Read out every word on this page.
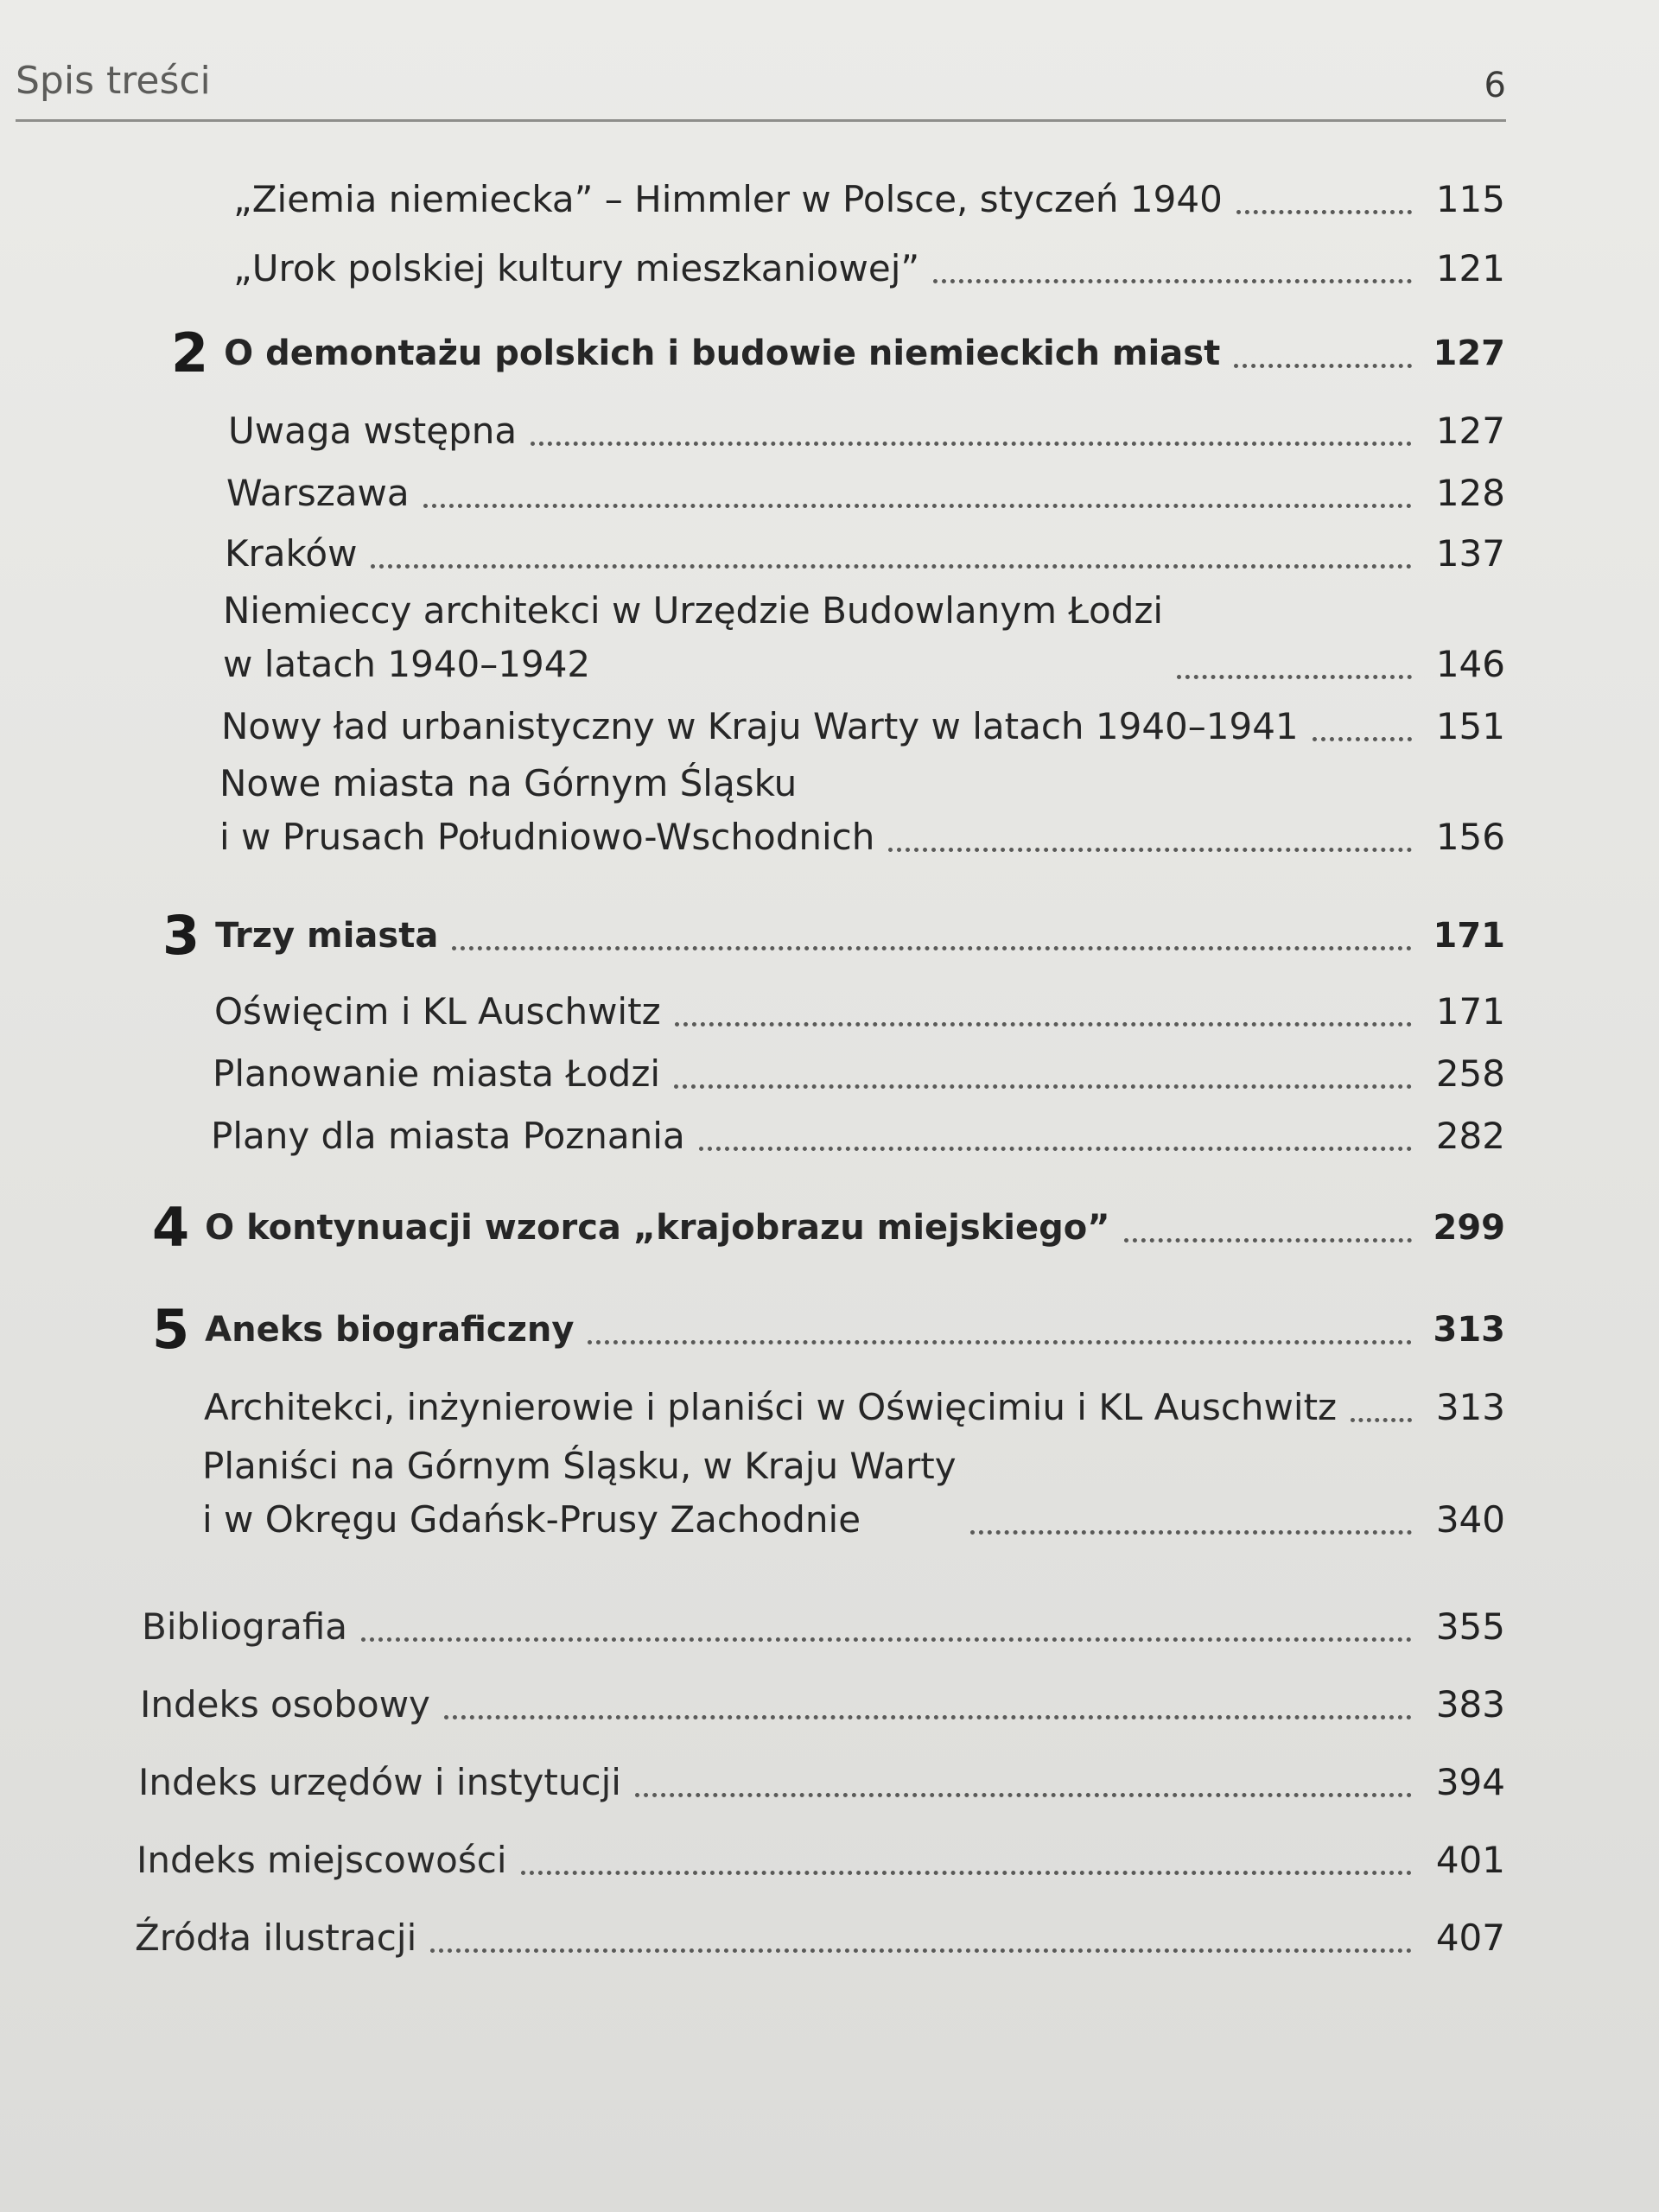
Spis treści	6
„Ziemia niemiecka” – Himmler w Polsce, styczeń 1940	115
„Urok polskiej kultury mieszkaniowej”	121
2 O demontażu polskich i budowie niemieckich miast	127
Uwaga wstępna	127
Warszawa	128
Kraków	137
Niemieccy architekci w Urzędzie Budowlanym Łodzi
w latach 1940–1942	146
Nowy ład urbanistyczny w Kraju Warty w latach 1940–1941	151
Nowe miasta na Górnym Śląsku
i w Prusach Południowo-Wschodnich	156
3 Trzy miasta	171
Oświęcim i KL Auschwitz	171
Planowanie miasta Łodzi	258
Plany dla miasta Poznania	282
4 O kontynuacji wzorca „krajobrazu miejskiego”	299
5 Aneks biograficzny	313
Architekci, inżynierowie i planiści w Oświęcimiu i KL Auschwitz	313
Planiści na Górnym Śląsku, w Kraju Warty
i w Okręgu Gdańsk-Prusy Zachodnie	340
Bibliografia	355
Indeks osobowy	383
Indeks urzędów i instytucji	394
Indeks miejscowości	401
Źródła ilustracji	407
